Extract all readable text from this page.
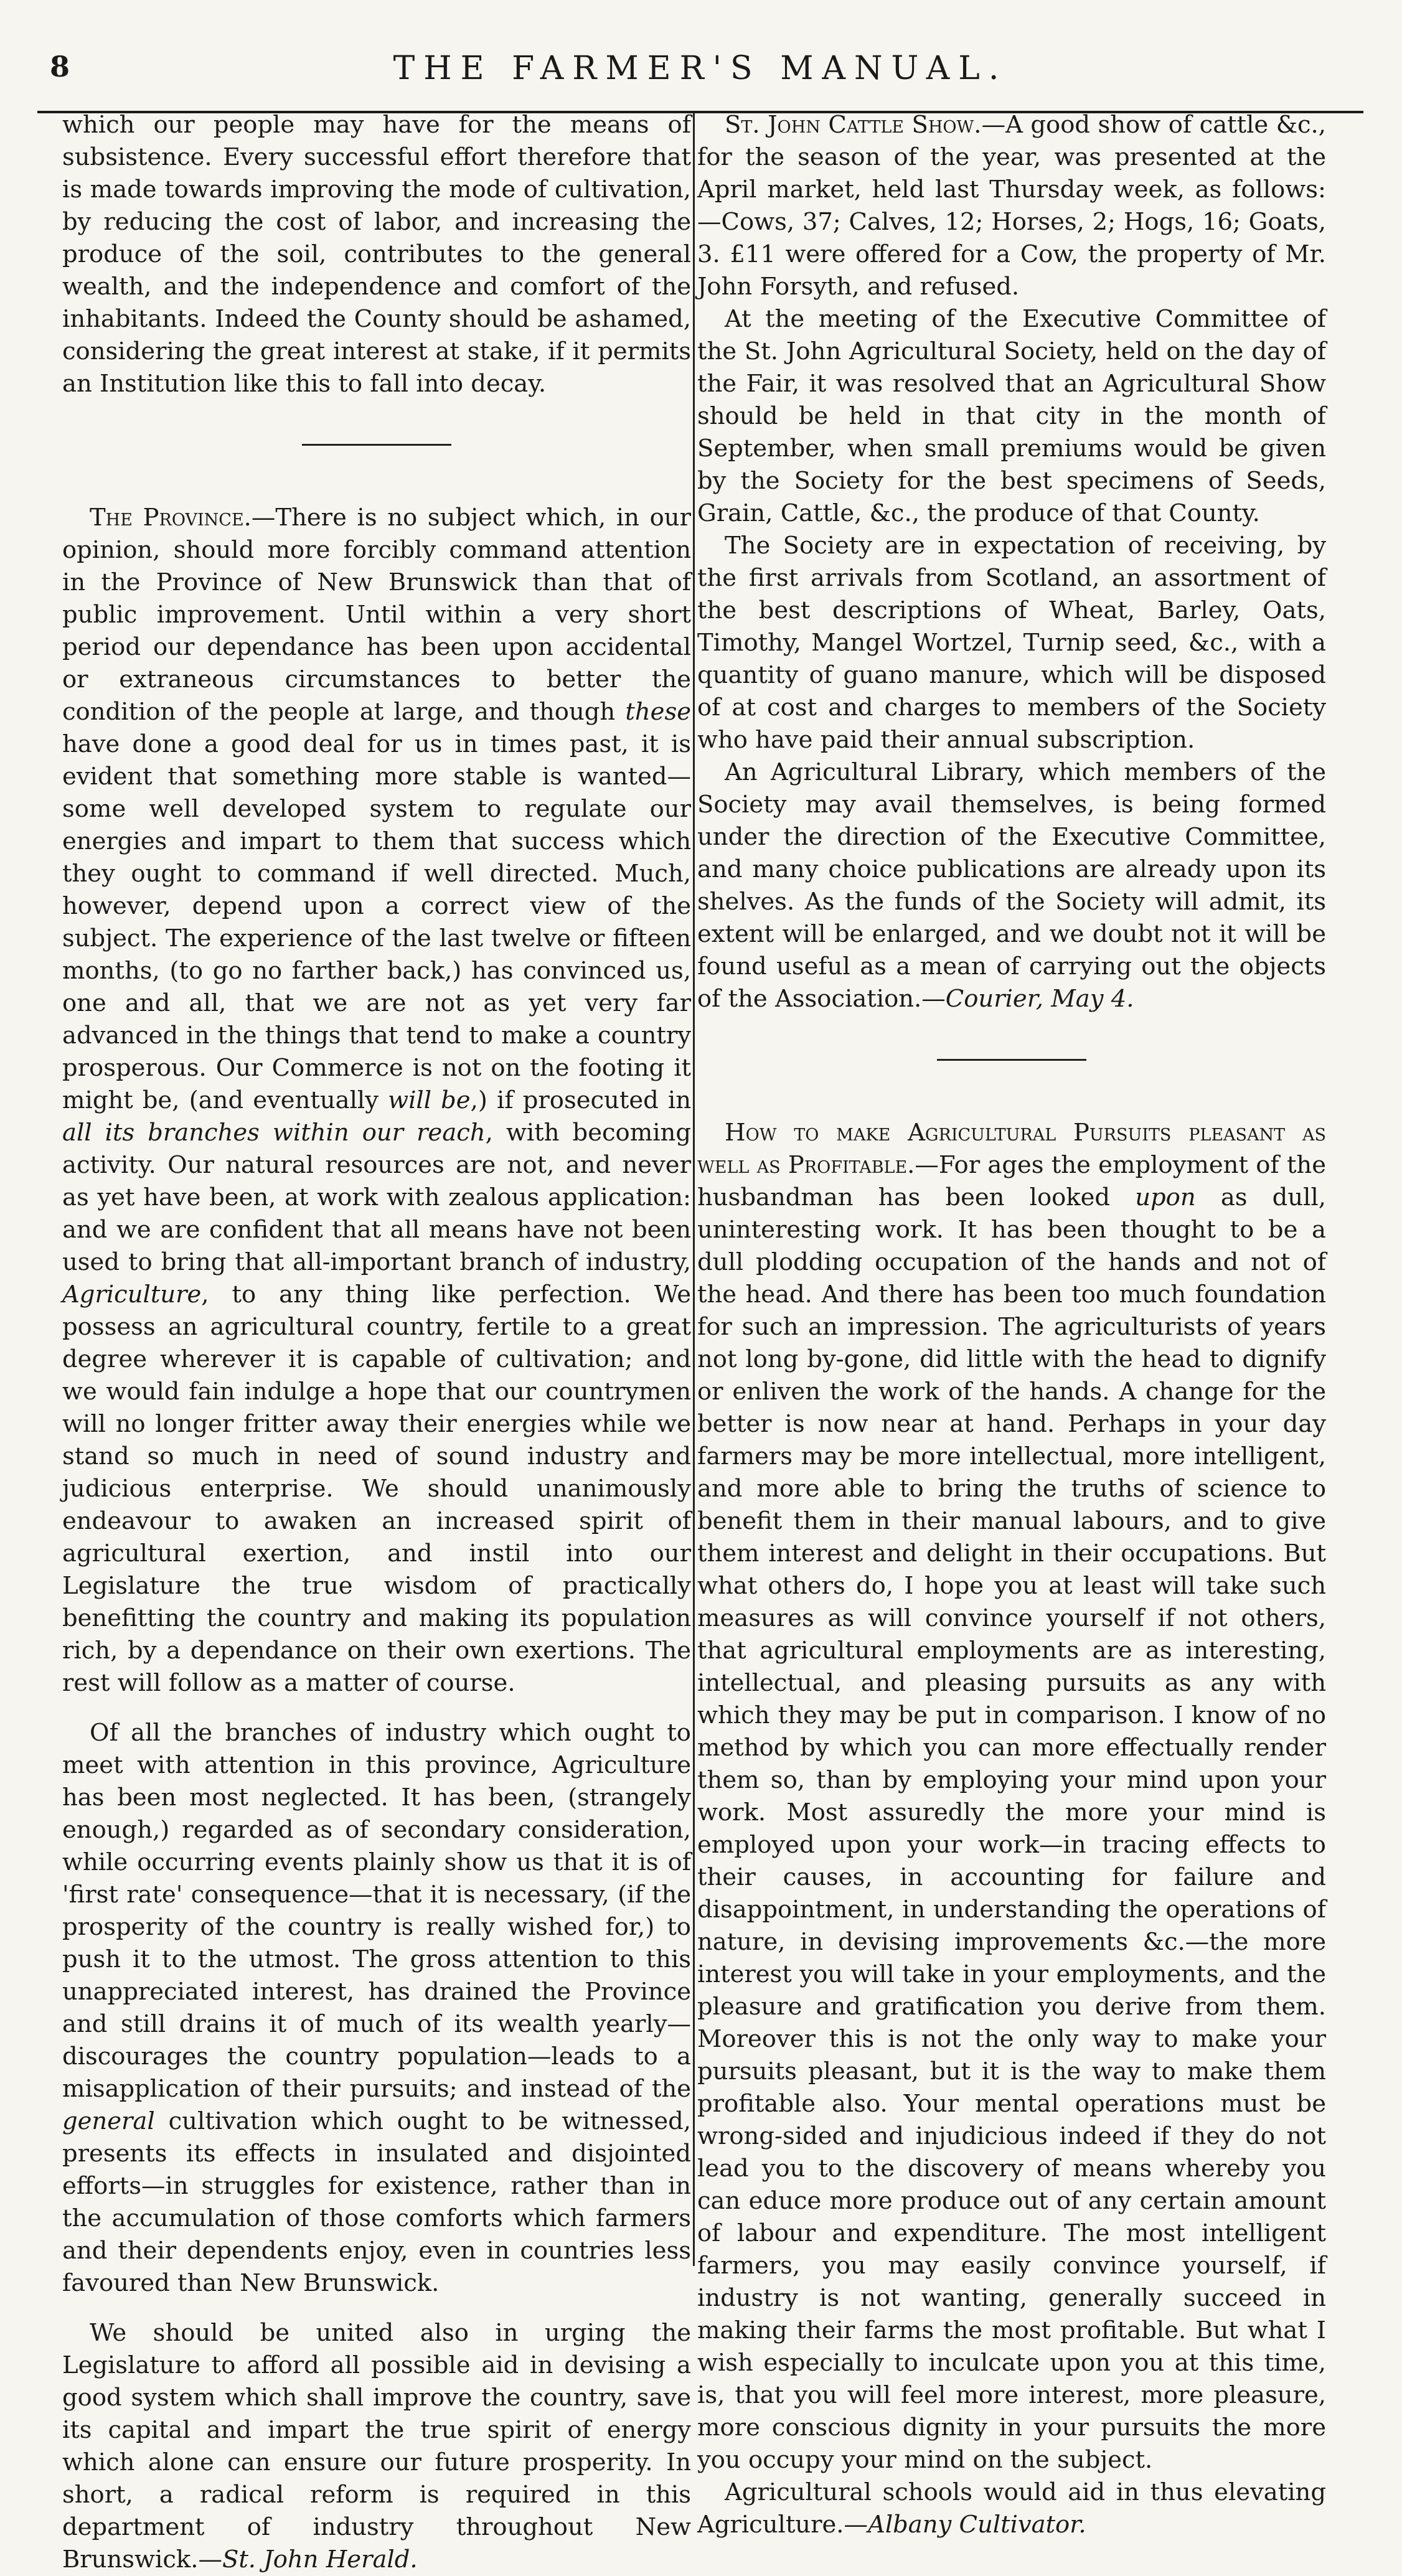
8	THE FARMER'S MANUAL.

which our people may have for the means of subsistence. Every successful effort therefore that is made towards improving the mode of cultivation, by reducing the cost of labor, and increasing the produce of the soil, contributes to the general wealth, and the independence and comfort of the inhabitants. Indeed the County should be ashamed, considering the great interest at stake, if it permits an Institution like this to fall into decay.

The Province.—There is no subject which, in our opinion, should more forcibly command attention in the Province of New Brunswick than that of public improvement. Until within a very short period our dependance has been upon accidental or extraneous circumstances to better the condition of the people at large, and though these have done a good deal for us in times past, it is evident that something more stable is wanted—some well developed system to regulate our energies and impart to them that success which they ought to command if well directed. Much, however, depend upon a correct view of the subject. The experience of the last twelve or fifteen months, (to go no farther back,) has convinced us, one and all, that we are not as yet very far advanced in the things that tend to make a country prosperous. Our Commerce is not on the footing it might be, (and eventually will be,) if prosecuted in all its branches within our reach, with becoming activity. Our natural resources are not, and never as yet have been, at work with zealous application: and we are confident that all means have not been used to bring that all-important branch of industry, Agriculture, to any thing like perfection. We possess an agricultural country, fertile to a great degree wherever it is capable of cultivation; and we would fain indulge a hope that our countrymen will no longer fritter away their energies while we stand so much in need of sound industry and judicious enterprise. We should unanimously endeavour to awaken an increased spirit of agricultural exertion, and instil into our Legislature the true wisdom of practically benefitting the country and making its population rich, by a dependance on their own exertions. The rest will follow as a matter of course.

Of all the branches of industry which ought to meet with attention in this province, Agriculture has been most neglected. It has been, (strangely enough,) regarded as of secondary consideration, while occurring events plainly show us that it is of 'first rate' consequence—that it is necessary, (if the prosperity of the country is really wished for,) to push it to the utmost. The gross attention to this unappreciated interest, has drained the Province and still drains it of much of its wealth yearly—discourages the country population—leads to a misapplication of their pursuits; and instead of the general cultivation which ought to be witnessed, presents its effects in insulated and disjointed efforts—in struggles for existence, rather than in the accumulation of those comforts which farmers and their dependents enjoy, even in countries less favoured than New Brunswick.

We should be united also in urging the Legislature to afford all possible aid in devising a good system which shall improve the country, save its capital and impart the true spirit of energy which alone can ensure our future prosperity. In short, a radical reform is required in this department of industry throughout New Brunswick.—St. John Herald.

St. John Cattle Show.—A good show of cattle &c., for the season of the year, was presented at the April market, held last Thursday week, as follows:—Cows, 37; Calves, 12; Horses, 2; Hogs, 16; Goats, 3. £11 were offered for a Cow, the property of Mr. John Forsyth, and refused.

At the meeting of the Executive Committee of the St. John Agricultural Society, held on the day of the Fair, it was resolved that an Agricultural Show should be held in that city in the month of September, when small premiums would be given by the Society for the best specimens of Seeds, Grain, Cattle, &c., the produce of that County.

The Society are in expectation of receiving, by the first arrivals from Scotland, an assortment of the best descriptions of Wheat, Barley, Oats, Timothy, Mangel Wortzel, Turnip seed, &c., with a quantity of guano manure, which will be disposed of at cost and charges to members of the Society who have paid their annual subscription.

An Agricultural Library, which members of the Society may avail themselves, is being formed under the direction of the Executive Committee, and many choice publications are already upon its shelves. As the funds of the Society will admit, its extent will be enlarged, and we doubt not it will be found useful as a mean of carrying out the objects of the Association.—Courier, May 4.

How to make Agricultural Pursuits pleasant as well as Profitable.—For ages the employment of the husbandman has been looked upon as dull, uninteresting work. It has been thought to be a dull plodding occupation of the hands and not of the head. And there has been too much foundation for such an impression. The agriculturists of years not long by-gone, did little with the head to dignify or enliven the work of the hands. A change for the better is now near at hand. Perhaps in your day farmers may be more intellectual, more intelligent, and more able to bring the truths of science to benefit them in their manual labours, and to give them interest and delight in their occupations. But what others do, I hope you at least will take such measures as will convince yourself if not others, that agricultural employments are as interesting, intellectual, and pleasing pursuits as any with which they may be put in comparison. I know of no method by which you can more effectually render them so, than by employing your mind upon your work. Most assuredly the more your mind is employed upon your work—in tracing effects to their causes, in accounting for failure and disappointment, in understanding the operations of nature, in devising improvements &c.—the more interest you will take in your employments, and the pleasure and gratification you derive from them. Moreover this is not the only way to make your pursuits pleasant, but it is the way to make them profitable also. Your mental operations must be wrong-sided and injudicious indeed if they do not lead you to the discovery of means whereby you can educe more produce out of any certain amount of labour and expenditure. The most intelligent farmers, you may easily convince yourself, if industry is not wanting, generally succeed in making their farms the most profitable. But what I wish especially to inculcate upon you at this time, is, that you will feel more interest, more pleasure, more conscious dignity in your pursuits the more you occupy your mind on the subject.

Agricultural schools would aid in thus elevating Agriculture.—Albany Cultivator.
